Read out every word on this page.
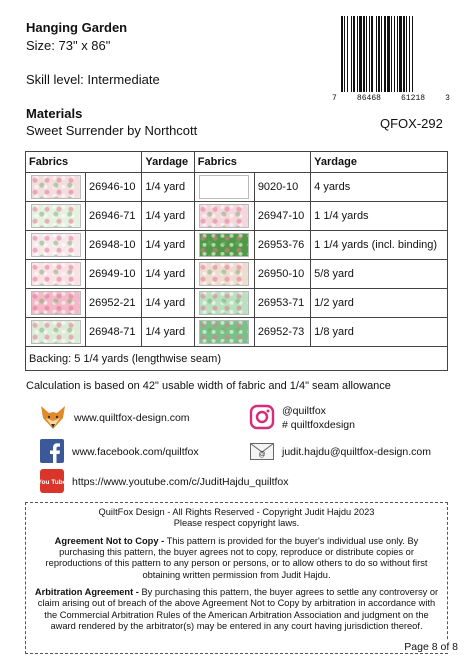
Hanging Garden
Size: 73" x 86"
Skill level: Intermediate
Materials
Sweet Surrender by Northcott
7	86468	61218	3
QFOX-292
Fabrics		Yardage	Fabrics		Yardage

	26946-10	1/4 yard		9020-10	4 yards

	26946-71	1/4 yard		26947-10	1 1/4 yards

	26948-10	1/4 yard		26953-76	1 1/4 yards (incl. binding)

	26949-10	1/4 yard		26950-10	5/8 yard

	26952-21	1/4 yard		26953-71	1/2 yard

	26948-71	1/4 yard		26952-73	1/8 yard
Backing: 5 1/4 yards (lengthwise seam)					
Calculation is based on 42" usable width of fabric and 1/4" seam allowance
www.quiltfox-design.com
@quiltfox
# quiltfoxdesign
www.facebook.com/quiltfox	@ judit.hajdu@quiltfox-design.com
You Tube https://www.youtube.com/c/JuditHajdu_quiltfox

QuiltFox Design - All Rights Reserved - Copyright Judit Hajdu 2023
Please respect copyright laws.

Agreement Not to Copy - This pattern is provided for the buyer's individual use only. By purchasing this pattern, the buyer agrees not to copy, reproduce or distribute copies or reproductions of this pattern to any person or persons, or to allow others to do so without first obtaining written permission from Judit Hajdu.

Arbitration Agreement - By purchasing this pattern, the buyer agrees to settle any controversy or claim arising out of breach of the above Agreement Not to Copy by arbitration in accordance with the Commercial Arbitration Rules of the American Arbitration Association and judgment on the award rendered by the arbitrator(s) may be entered in any court having jurisdiction thereof.

Page 8 of 8
